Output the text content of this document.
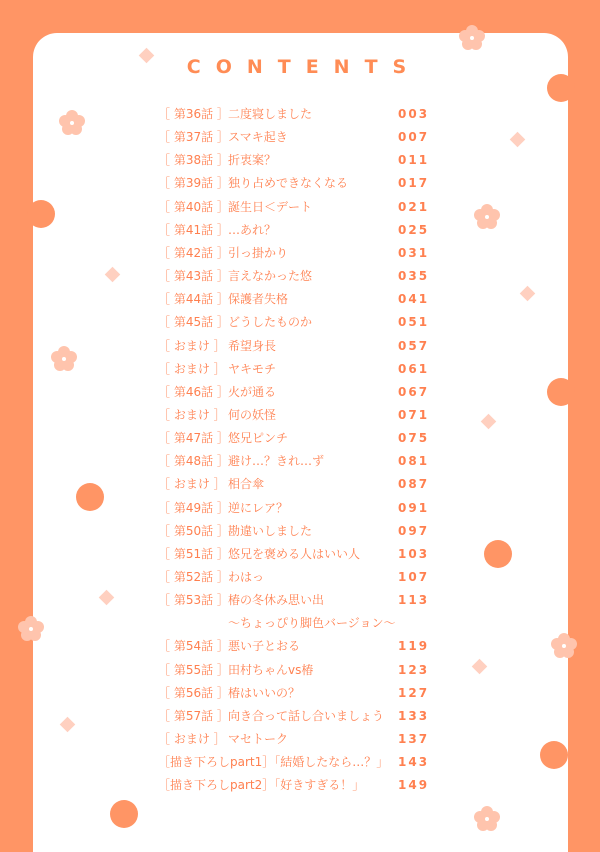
CONTENTS
［ 第36話 ］ 二度寝しました	003
［ 第37話 ］ スマキ起き	007
［ 第38話 ］ 折衷案？	011
［ 第39話 ］ 独り占めできなくなる	017
［ 第40話 ］ 誕生日＜デート	021
［ 第41話 ］ …あれ？	025
［ 第42話 ］ 引っ掛かり	031
［ 第43話 ］ 言えなかった悠	035
［ 第44話 ］ 保護者失格	041
［ 第45話 ］ どうしたものか	051
［ おまけ ］ 希望身長	057
［ おまけ ］ ヤキモチ	061
［ 第46話 ］ 火が通る	067
［ おまけ ］ 何の妖怪	071
［ 第47話 ］ 悠兄ピンチ	075
［ 第48話 ］ 避け…？きれ…ず	081
［ おまけ ］ 相合傘	087
［ 第49話 ］ 逆にレア？	091
［ 第50話 ］ 勘違いしました	097
［ 第51話 ］ 悠兄を褒める人はいい人	103
［ 第52話 ］ わはっ	107
［ 第53話 ］ 椿の冬休み思い出	113
～ちょっぴり脚色バージョン～
［ 第54話 ］ 悪い子とおる	119
［ 第55話 ］ 田村ちゃんvs椿	123
［ 第56話 ］ 椿はいいの？	127
［ 第57話 ］ 向き合って話し合いましょう 133
［ おまけ ］ マセトーク	137
［描き下ろしpart1］「結婚したなら…？」 143
［描き下ろしpart2］「好きすぎる！」	149
